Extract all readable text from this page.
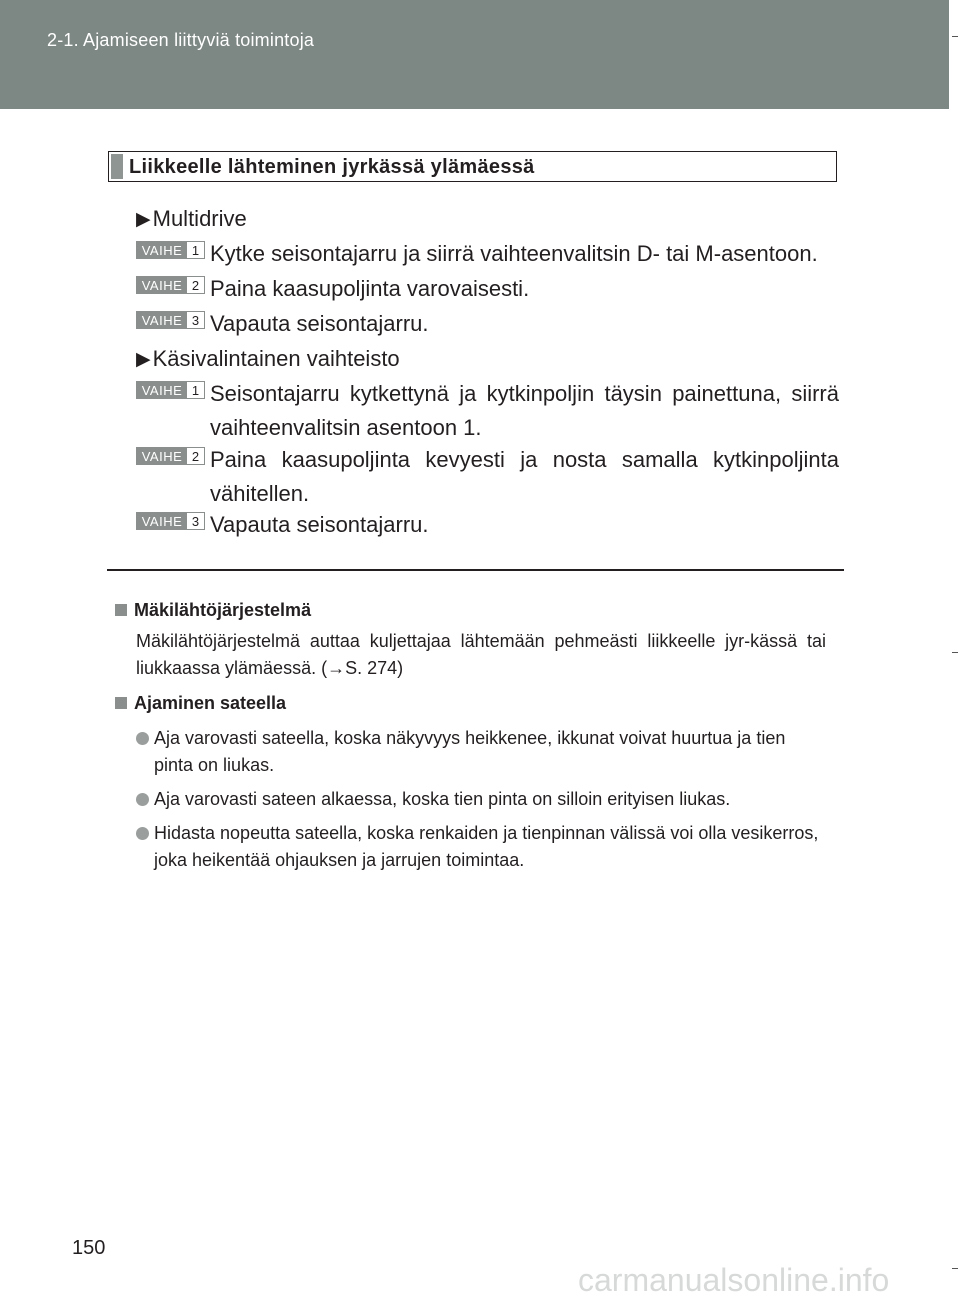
2-1. Ajamiseen liittyviä toimintoja
Liikkeelle lähteminen jyrkässä ylämäessä
▶Multidrive
VAIHE 1 Kytke seisontajarru ja siirrä vaihteenvalitsin D- tai M-asentoon.
VAIHE 2 Paina kaasupoljinta varovaisesti.
VAIHE 3 Vapauta seisontajarru.
▶Käsivalintainen vaihteisto
VAIHE 1 Seisontajarru kytkettynä ja kytkinpoljin täysin painettuna, siirrä vaihteenvalitsin asentoon 1.
VAIHE 2 Paina kaasupoljinta kevyesti ja nosta samalla kytkinpoljinta vähitellen.
VAIHE 3 Vapauta seisontajarru.
Mäkilähtöjärjestelmä
Mäkilähtöjärjestelmä auttaa kuljettajaa lähtemään pehmeästi liikkeelle jyr-kässä tai liukkaassa ylämäessä. (→S. 274)
Ajaminen sateella
Aja varovasti sateella, koska näkyvyys heikkenee, ikkunat voivat huurtua ja tien pinta on liukas.
Aja varovasti sateen alkaessa, koska tien pinta on silloin erityisen liukas.
Hidasta nopeutta sateella, koska renkaiden ja tienpinnan välissä voi olla vesikerros, joka heikentää ohjauksen ja jarrujen toimintaa.
150
carmanualsonline.info
